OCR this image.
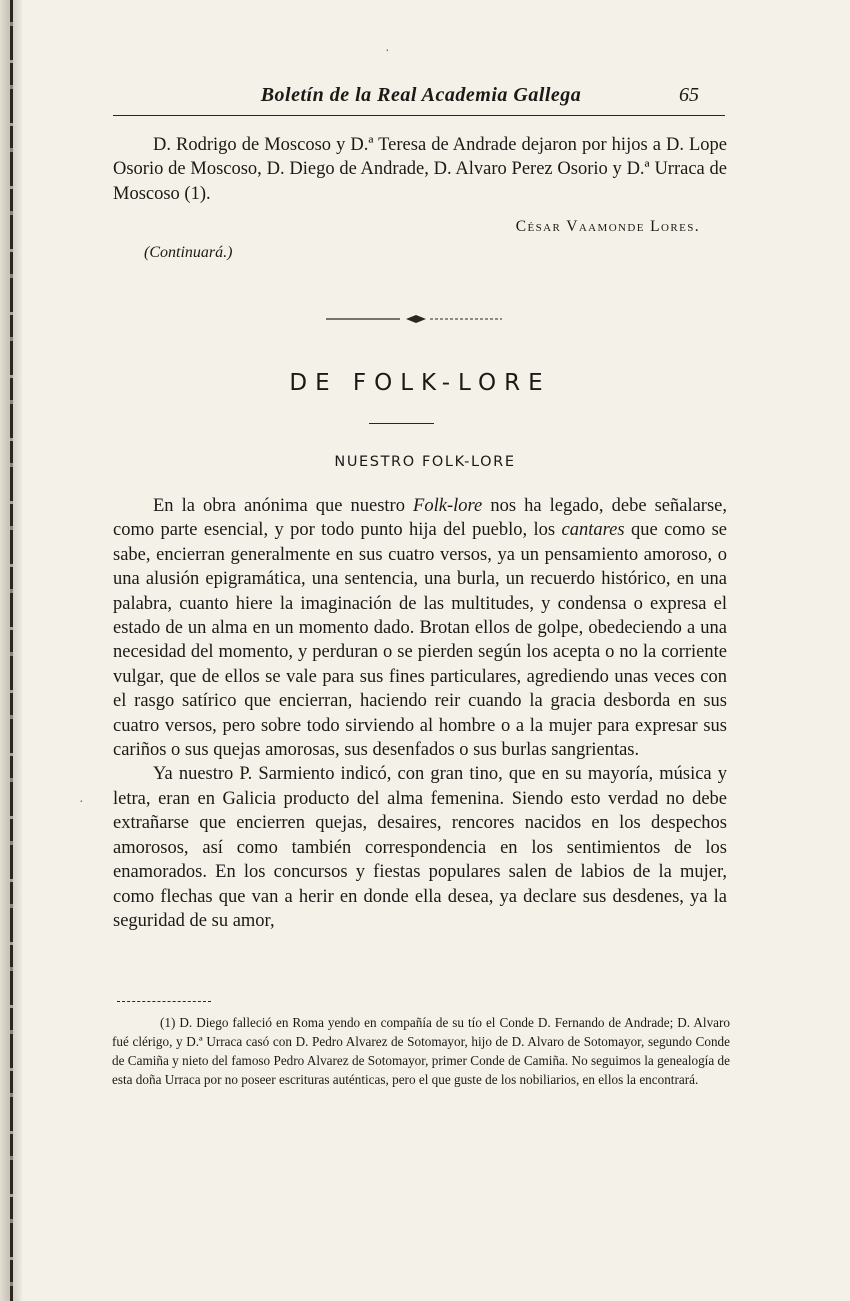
Boletín de la Real Academia Gallega	65

D. Rodrigo de Moscoso y D.ª Teresa de Andrade dejaron por hijos a D. Lope Osorio de Moscoso, D. Diego de Andrade, D. Alvaro Perez Osorio y D.ª Urraca de Moscoso (1).

César Vaamonde Lores.
(Continuará.)
DE FOLK-LORE
NUESTRO FOLK-LORE

En la obra anónima que nuestro Folk-lore nos ha legado, debe señalarse, como parte esencial, y por todo punto hija del pueblo, los cantares que como se sabe, encierran generalmente en sus cuatro versos, ya un pensamiento amoroso, o una alusión epigramática, una sentencia, una burla, un recuerdo histórico, en una palabra, cuanto hiere la imaginación de las multitudes, y condensa o expresa el estado de un alma en un momento dado. Brotan ellos de golpe, obedeciendo a una necesidad del momento, y perduran o se pierden según los acepta o no la corriente vulgar, que de ellos se vale para sus fines particulares, agrediendo unas veces con el rasgo satírico que encierran, haciendo reir cuando la gracia desborda en sus cuatro versos, pero sobre todo sirviendo al hombre o a la mujer para expresar sus cariños o sus quejas amorosas, sus desenfados o sus burlas sangrientas.

Ya nuestro P. Sarmiento indicó, con gran tino, que en su mayoría, música y letra, eran en Galicia producto del alma femenina. Siendo esto verdad no debe extrañarse que encierren quejas, desaires, rencores nacidos en los despechos amorosos, así como también correspondencia en los sentimientos de los enamorados. En los concursos y fiestas populares salen de labios de la mujer, como flechas que van a herir en donde ella desea, ya declare sus desdenes, ya la seguridad de su amor,

(1) D. Diego falleció en Roma yendo en compañía de su tío el Conde D. Fernando de Andrade; D. Alvaro fué clérigo, y D.ª Urraca casó con D. Pedro Alvarez de Sotomayor, hijo de D. Alvaro de Sotomayor, segundo Conde de Camiña y nieto del famoso Pedro Alvarez de Sotomayor, primer Conde de Camiña. No seguimos la genealogía de esta doña Urraca por no poseer escrituras auténticas, pero el que guste de los nobiliarios, en ellos la encontrará.

·
·
